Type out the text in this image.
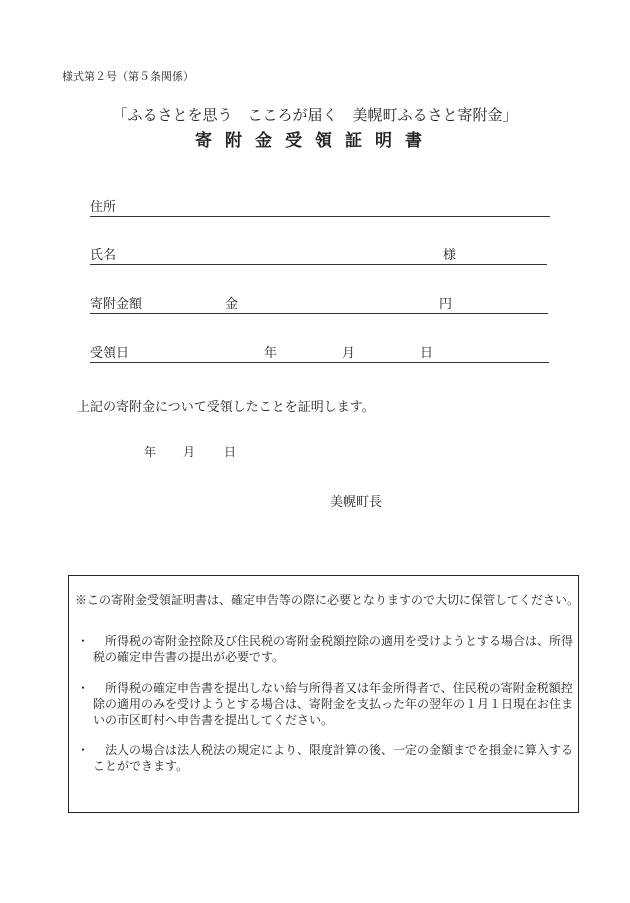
様式第２号（第５条関係）
「ふるさとを思う　こころが届く　美幌町ふるさと寄附金」
寄附金受領証明書
住所
氏名	様
寄附金額	金	円
受領日	年	月	日
上記の寄附金について受領したことを証明します。
年 月 日
美幌町長
※この寄附金受領証明書は、確定申告等の際に必要となりますので大切に保管してください。
・	所得税の寄附金控除及び住民税の寄附金税額控除の適用を受けようとする場合は、所得税の確定申告書の提出が必要です。
・	所得税の確定申告書を提出しない給与所得者又は年金所得者で、住民税の寄附金税額控除の適用のみを受けようとする場合は、寄附金を支払った年の翌年の１月１日現在お住まいの市区町村へ申告書を提出してください。
・	法人の場合は法人税法の規定により、限度計算の後、一定の金額までを損金に算入することができます。
